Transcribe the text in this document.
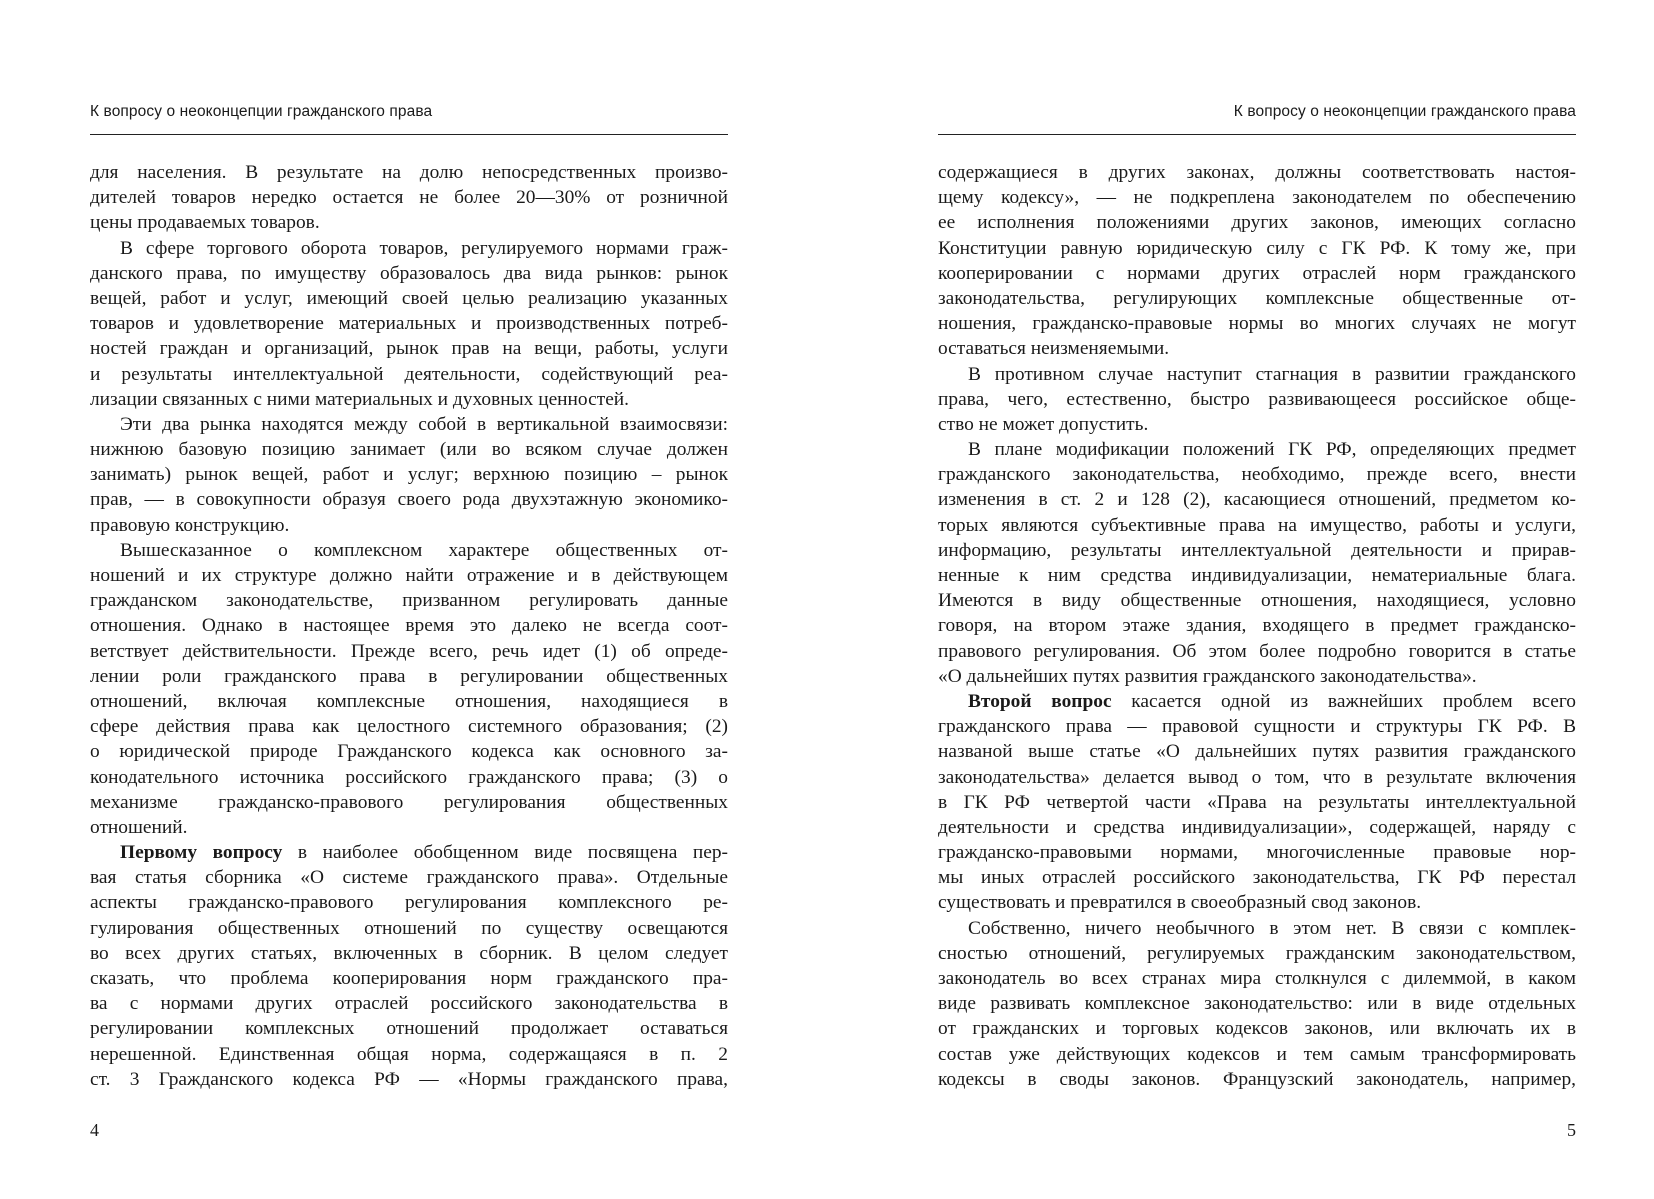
К вопросу о неоконцепции гражданского права
для населения. В результате на долю непосредственных произво-
дителей товаров нередко остается не более 20—30% от розничной
цены продаваемых товаров.
В сфере торгового оборота товаров, регулируемого нормами граж-
данского права, по имуществу образовалось два вида рынков: рынок
вещей, работ и услуг, имеющий своей целью реализацию указанных
товаров и удовлетворение материальных и производственных потреб-
ностей граждан и организаций, рынок прав на вещи, работы, услуги
и результаты интеллектуальной деятельности, содействующий реа-
лизации связанных с ними материальных и духовных ценностей.
Эти два рынка находятся между собой в вертикальной взаимосвязи:
нижнюю базовую позицию занимает (или во всяком случае должен
занимать) рынок вещей, работ и услуг; верхнюю позицию – рынок
прав, — в совокупности образуя своего рода двухэтажную экономико-
правовую конструкцию.
Вышесказанное о комплексном характере общественных от-
ношений и их структуре должно найти отражение и в действующем
гражданском законодательстве, призванном регулировать данные
отношения. Однако в настоящее время это далеко не всегда соот-
ветствует действительности. Прежде всего, речь идет (1) об опреде-
лении роли гражданского права в регулировании общественных
отношений, включая комплексные отношения, находящиеся в
сфере действия права как целостного системного образования; (2)
о юридической природе Гражданского кодекса как основного за-
конодательного источника российского гражданского права; (3) о
механизме гражданско-правового регулирования общественных
отношений.
Первому вопросу в наиболее обобщенном виде посвящена пер-
вая статья сборника «О системе гражданского права». Отдельные
аспекты гражданско-правового регулирования комплексного ре-
гулирования общественных отношений по существу освещаются
во всех других статьях, включенных в сборник. В целом следует
сказать, что проблема кооперирования норм гражданского пра-
ва с нормами других отраслей российского законодательства в
регулировании комплексных отношений продолжает оставаться
нерешенной. Единственная общая норма, содержащаяся в п. 2
ст. 3 Гражданского кодекса РФ — «Нормы гражданского права,
4
К вопросу о неоконцепции гражданского права
содержащиеся в других законах, должны соответствовать настоя-
щему кодексу», — не подкреплена законодателем по обеспечению
ее исполнения положениями других законов, имеющих согласно
Конституции равную юридическую силу с ГК РФ. К тому же, при
кооперировании с нормами других отраслей норм гражданского
законодательства, регулирующих комплексные общественные от-
ношения, гражданско-правовые нормы во многих случаях не могут
оставаться неизменяемыми.
В противном случае наступит стагнация в развитии гражданского
права, чего, естественно, быстро развивающееся российское обще-
ство не может допустить.
В плане модификации положений ГК РФ, определяющих предмет
гражданского законодательства, необходимо, прежде всего, внести
изменения в ст. 2 и 128 (2), касающиеся отношений, предметом ко-
торых являются субъективные права на имущество, работы и услуги,
информацию, результаты интеллектуальной деятельности и прирав-
ненные к ним средства индивидуализации, нематериальные блага.
Имеются в виду общественные отношения, находящиеся, условно
говоря, на втором этаже здания, входящего в предмет гражданско-
правового регулирования. Об этом более подробно говорится в статье
«О дальнейших путях развития гражданского законодательства».
Второй вопрос касается одной из важнейших проблем всего
гражданского права — правовой сущности и структуры ГК РФ. В
названой выше статье «О дальнейших путях развития гражданского
законодательства» делается вывод о том, что в результате включения
в ГК РФ четвертой части «Права на результаты интеллектуальной
деятельности и средства индивидуализации», содержащей, наряду с
гражданско-правовыми нормами, многочисленные правовые нор-
мы иных отраслей российского законодательства, ГК РФ перестал
существовать и превратился в своеобразный свод законов.
Собственно, ничего необычного в этом нет. В связи с комплек-
сностью отношений, регулируемых гражданским законодательством,
законодатель во всех странах мира столкнулся с дилеммой, в каком
виде развивать комплексное законодательство: или в виде отдельных
от гражданских и торговых кодексов законов, или включать их в
состав уже действующих кодексов и тем самым трансформировать
кодексы в своды законов. Французский законодатель, например,
5
